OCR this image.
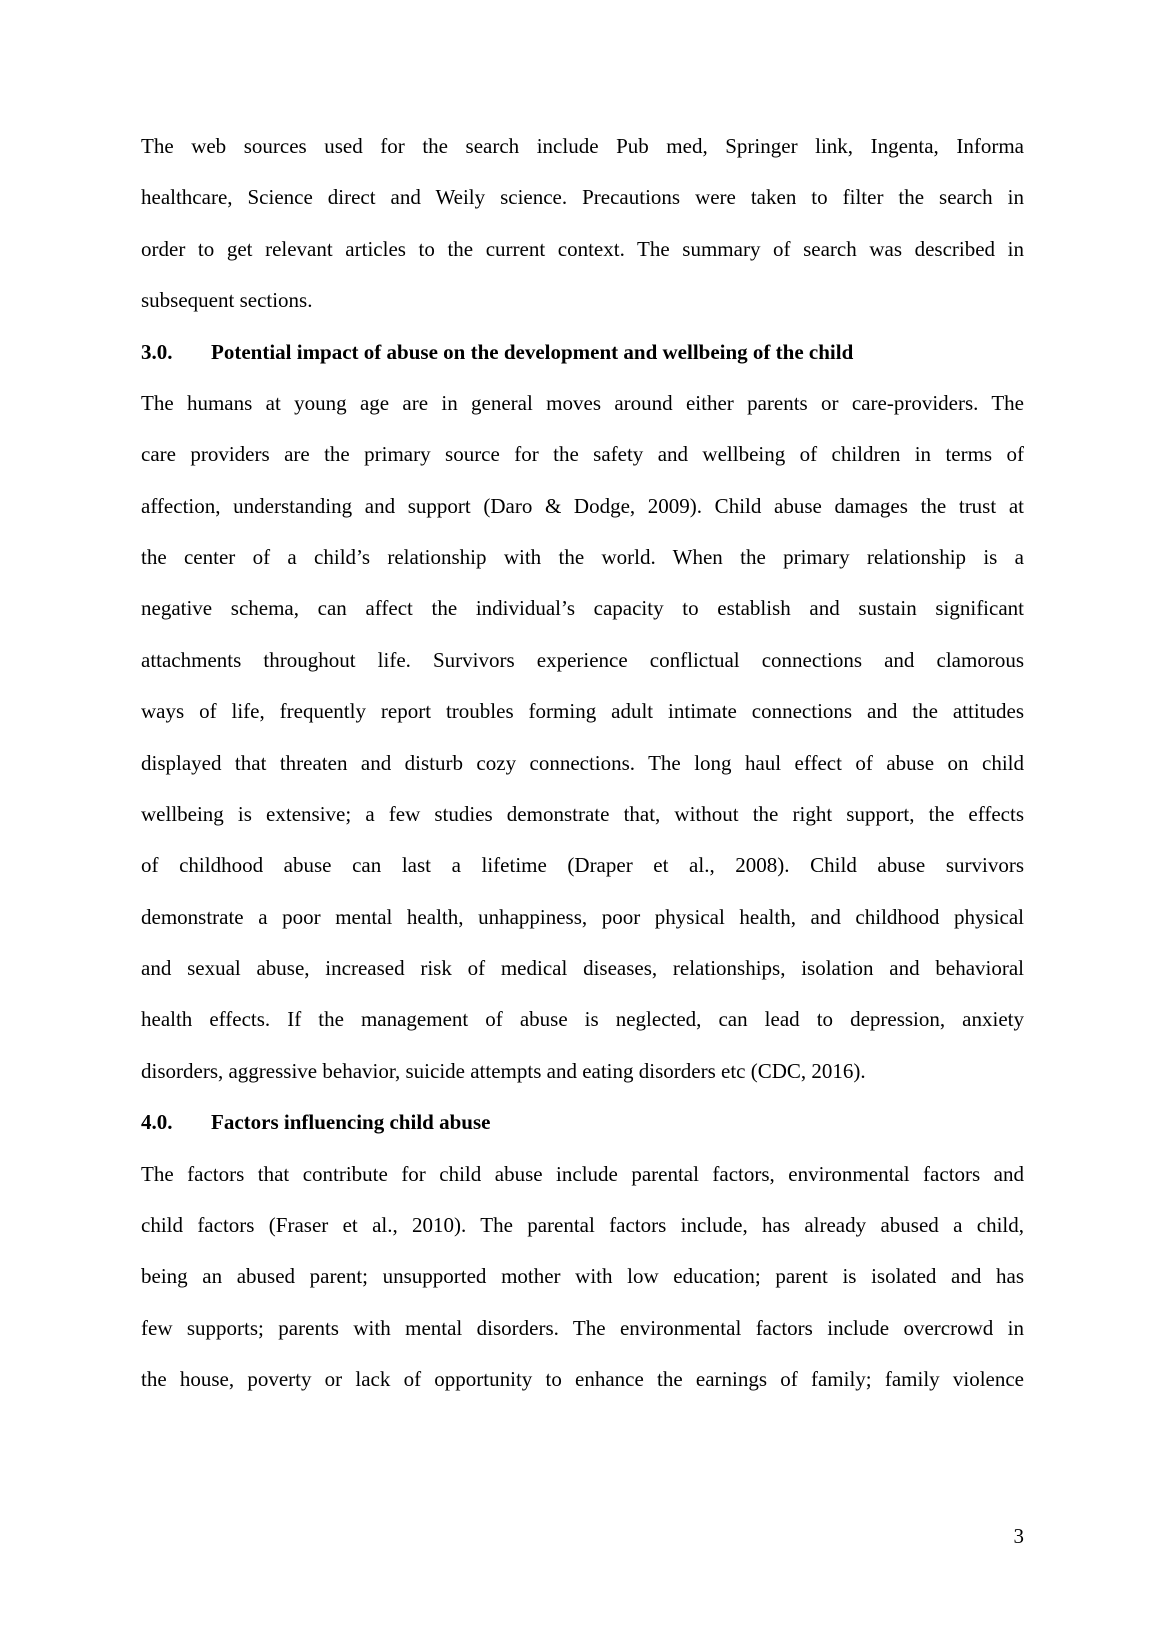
The web sources used for the search include Pub med, Springer link, Ingenta, Informa
healthcare, Science direct and Weily science. Precautions were taken to filter the search in
order to get relevant articles to the current context. The summary of search was described in
subsequent sections.
3.0. Potential impact of abuse on the development and wellbeing of the child
The humans at young age are in general moves around either parents or care-providers. The
care providers are the primary source for the safety and wellbeing of children in terms of
affection, understanding and support (Daro & Dodge, 2009). Child abuse damages the trust at
the center of a child’s relationship with the world. When the primary relationship is a
negative schema, can affect the individual’s capacity to establish and sustain significant
attachments throughout life. Survivors experience conflictual connections and clamorous
ways of life, frequently report troubles forming adult intimate connections and the attitudes
displayed that threaten and disturb cozy connections. The long haul effect of abuse on child
wellbeing is extensive; a few studies demonstrate that, without the right support, the effects
of childhood abuse can last a lifetime (Draper et al., 2008). Child abuse survivors
demonstrate a poor mental health, unhappiness, poor physical health, and childhood physical
and sexual abuse, increased risk of medical diseases, relationships, isolation and behavioral
health effects. If the management of abuse is neglected, can lead to depression, anxiety
disorders, aggressive behavior, suicide attempts and eating disorders etc (CDC, 2016).
4.0. Factors influencing child abuse
The factors that contribute for child abuse include parental factors, environmental factors and
child factors (Fraser et al., 2010). The parental factors include, has already abused a child,
being an abused parent; unsupported mother with low education; parent is isolated and has
few supports; parents with mental disorders. The environmental factors include overcrowd in
the house, poverty or lack of opportunity to enhance the earnings of family; family violence
3
